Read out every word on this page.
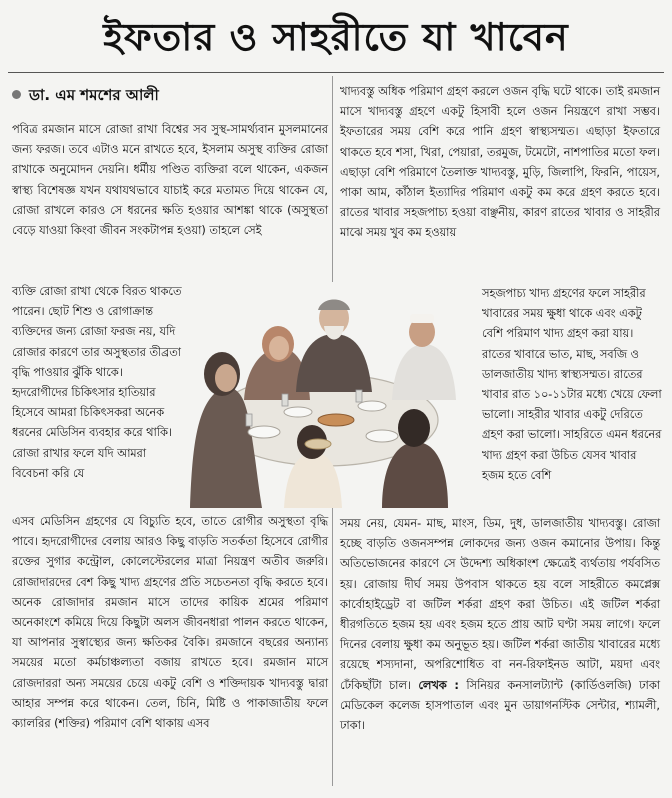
ইফতার ও সাহরীতে যা খাবেন
ডা. এম শমশের আলী
পবিত্র রমজান মাসে রোজা রাখা বিশ্বের সব সুস্থ-সামর্থ্যবান মুসলমানের জন্য ফরজ। তবে এটাও মনে রাখতে হবে, ইসলাম অসুস্থ ব্যক্তির রোজা রাখাকে অনুমোদন দেয়নি। ধর্মীয় পণ্ডিত ব্যক্তিরা বলে থাকেন, একজন স্বাস্থ্য বিশেষজ্ঞ যখন যথাযথভাবে যাচাই করে মতামত দিয়ে থাকেন যে, রোজা রাখলে কারও সে ধরনের ক্ষতি হওয়ার আশঙ্কা থাকে (অসুস্থতা বেড়ে যাওয়া কিংবা জীবন সংকটাপন্ন হওয়া) তাহলে সেই
ব্যক্তি রোজা রাখা থেকে বিরত থাকতে পারেন। ছোট শিশু ও রোগাক্রান্ত ব্যক্তিদের জন্য রোজা ফরজ নয়, যদি রোজার কারণে তার অসুস্থতার তীব্রতা বৃদ্ধি পাওয়ার ঝুঁকি থাকে। হৃদরোগীদের চিকিৎসার হাতিয়ার হিসেবে আমরা চিকিৎসকরা অনেক ধরনের মেডিসিন ব্যবহার করে থাকি। রোজা রাখার ফলে যদি আমরা বিবেচনা করি যে
এসব মেডিসিন গ্রহণের যে বিচ্যুতি হবে, তাতে রোগীর অসুস্থতা বৃদ্ধি পাবে। হৃদরোগীদের বেলায় আরও কিছু বাড়তি সতর্কতা হিসেবে রোগীর রক্তের সুগার কন্ট্রোল, কোলেস্টেরলের মাত্রা নিয়ন্ত্রণ অতীব জরুরি। রোজাদারদের বেশ কিছু খাদ্য গ্রহণের প্রতি সচেতনতা বৃদ্ধি করতে হবে। অনেক রোজাদার রমজান মাসে তাদের কায়িক শ্রমের পরিমাণ অনেকাংশে কমিয়ে দিয়ে কিছুটা অলস জীবনধারা পালন করতে থাকেন, যা আপনার সুস্বাস্থ্যের জন্য ক্ষতিকর বৈকি। রমজানে বছরের অন্যান্য সময়ের মতো কর্মচাঞ্চল্যতা বজায় রাখতে হবে। রমজান মাসে রোজদাররা অন্য সময়ের চেয়ে একটু বেশি ও শক্তিদায়ক খাদ্যবস্তু দ্বারা আহার সম্পন্ন করে থাকেন। তেল, চিনি, মিষ্টি ও পাকাজাতীয় ফলে ক্যালরির (শক্তির) পরিমাণ বেশি থাকায় এসব
খাদ্যবস্তু অধিক পরিমাণ গ্রহণ করলে ওজন বৃদ্ধি ঘটে থাকে। তাই রমজান মাসে খাদ্যবস্তু গ্রহণে একটু হিসাবী হলে ওজন নিয়ন্ত্রণে রাখা সম্ভব। ইফতারের সময় বেশি করে পানি গ্রহণ স্বাস্থ্যসম্মত। এছাড়া ইফতারে থাকতে হবে শসা, খিরা, পেয়ারা, তরমুজ, টমেটো, নাশপাতির মতো ফল। এছাড়া বেশি পরিমাণে তৈলাক্ত খাদ্যবস্তু, মুড়ি, জিলাপি, ফিরনি, পায়েস, পাকা আম, কাঁঠাল ইত্যাদির পরিমাণ একটু কম করে গ্রহণ করতে হবে। রাতের খাবার সহজপাচ্য হওয়া বাঞ্ছনীয়, কারণ রাতের খাবার ও সাহরীর মাঝে সময় খুব কম হওয়ায়
সহজপাচ্য খাদ্য গ্রহণের ফলে সাহরীর খাবারের সময় ক্ষুধা থাকে এবং একটু বেশি পরিমাণ খাদ্য গ্রহণ করা যায়। রাতের খাবারে ভাত, মাছ, সবজি ও ডালজাতীয় খাদ্য স্বাস্থ্যসম্মত। রাতের খাবার রাত ১০-১১টার মধ্যে খেয়ে ফেলা ভালো। সাহরীর খাবার একটু দেরিতে গ্রহণ করা ভালো। সাহরিতে এমন ধরনের খাদ্য গ্রহণ করা উচিত যেসব খাবার হজম হতে বেশি
সময় নেয়, যেমন- মাছ, মাংস, ডিম, দুধ, ডালজাতীয় খাদ্যবস্তু। রোজা হচ্ছে বাড়তি ওজনসম্পন্ন লোকদের জন্য ওজন কমানোর উপায়। কিন্তু অতিভোজনের কারণে সে উদ্দেশ্য অধিকাংশ ক্ষেত্রেই ব্যর্থতায় পর্যবসিত হয়। রোজায় দীর্ঘ সময় উপবাস থাকতে হয় বলে সাহরীতে কমপ্লেক্স কার্বোহাইড্রেট বা জটিল শর্করা গ্রহণ করা উচিত। এই জটিল শর্করা ধীরগতিতে হজম হয় এবং হজম হতে প্রায় আট ঘণ্টা সময় লাগে। ফলে দিনের বেলায় ক্ষুধা কম অনুভূত হয়। জটিল শর্করা জাতীয় খাবারের মধ্যে রয়েছে শস্যদানা, অপরিশোধিত বা নন-রিফাইনড আটা, ময়দা এবং ঢেঁকিছাঁটা চাল। লেখক : সিনিয়র কনসালট্যান্ট (কার্ডিওলজি) ঢাকা মেডিকেল কলেজ হাসপাতাল এবং মুন ডায়াগনস্টিক সেন্টার, শ্যামলী, ঢাকা।
